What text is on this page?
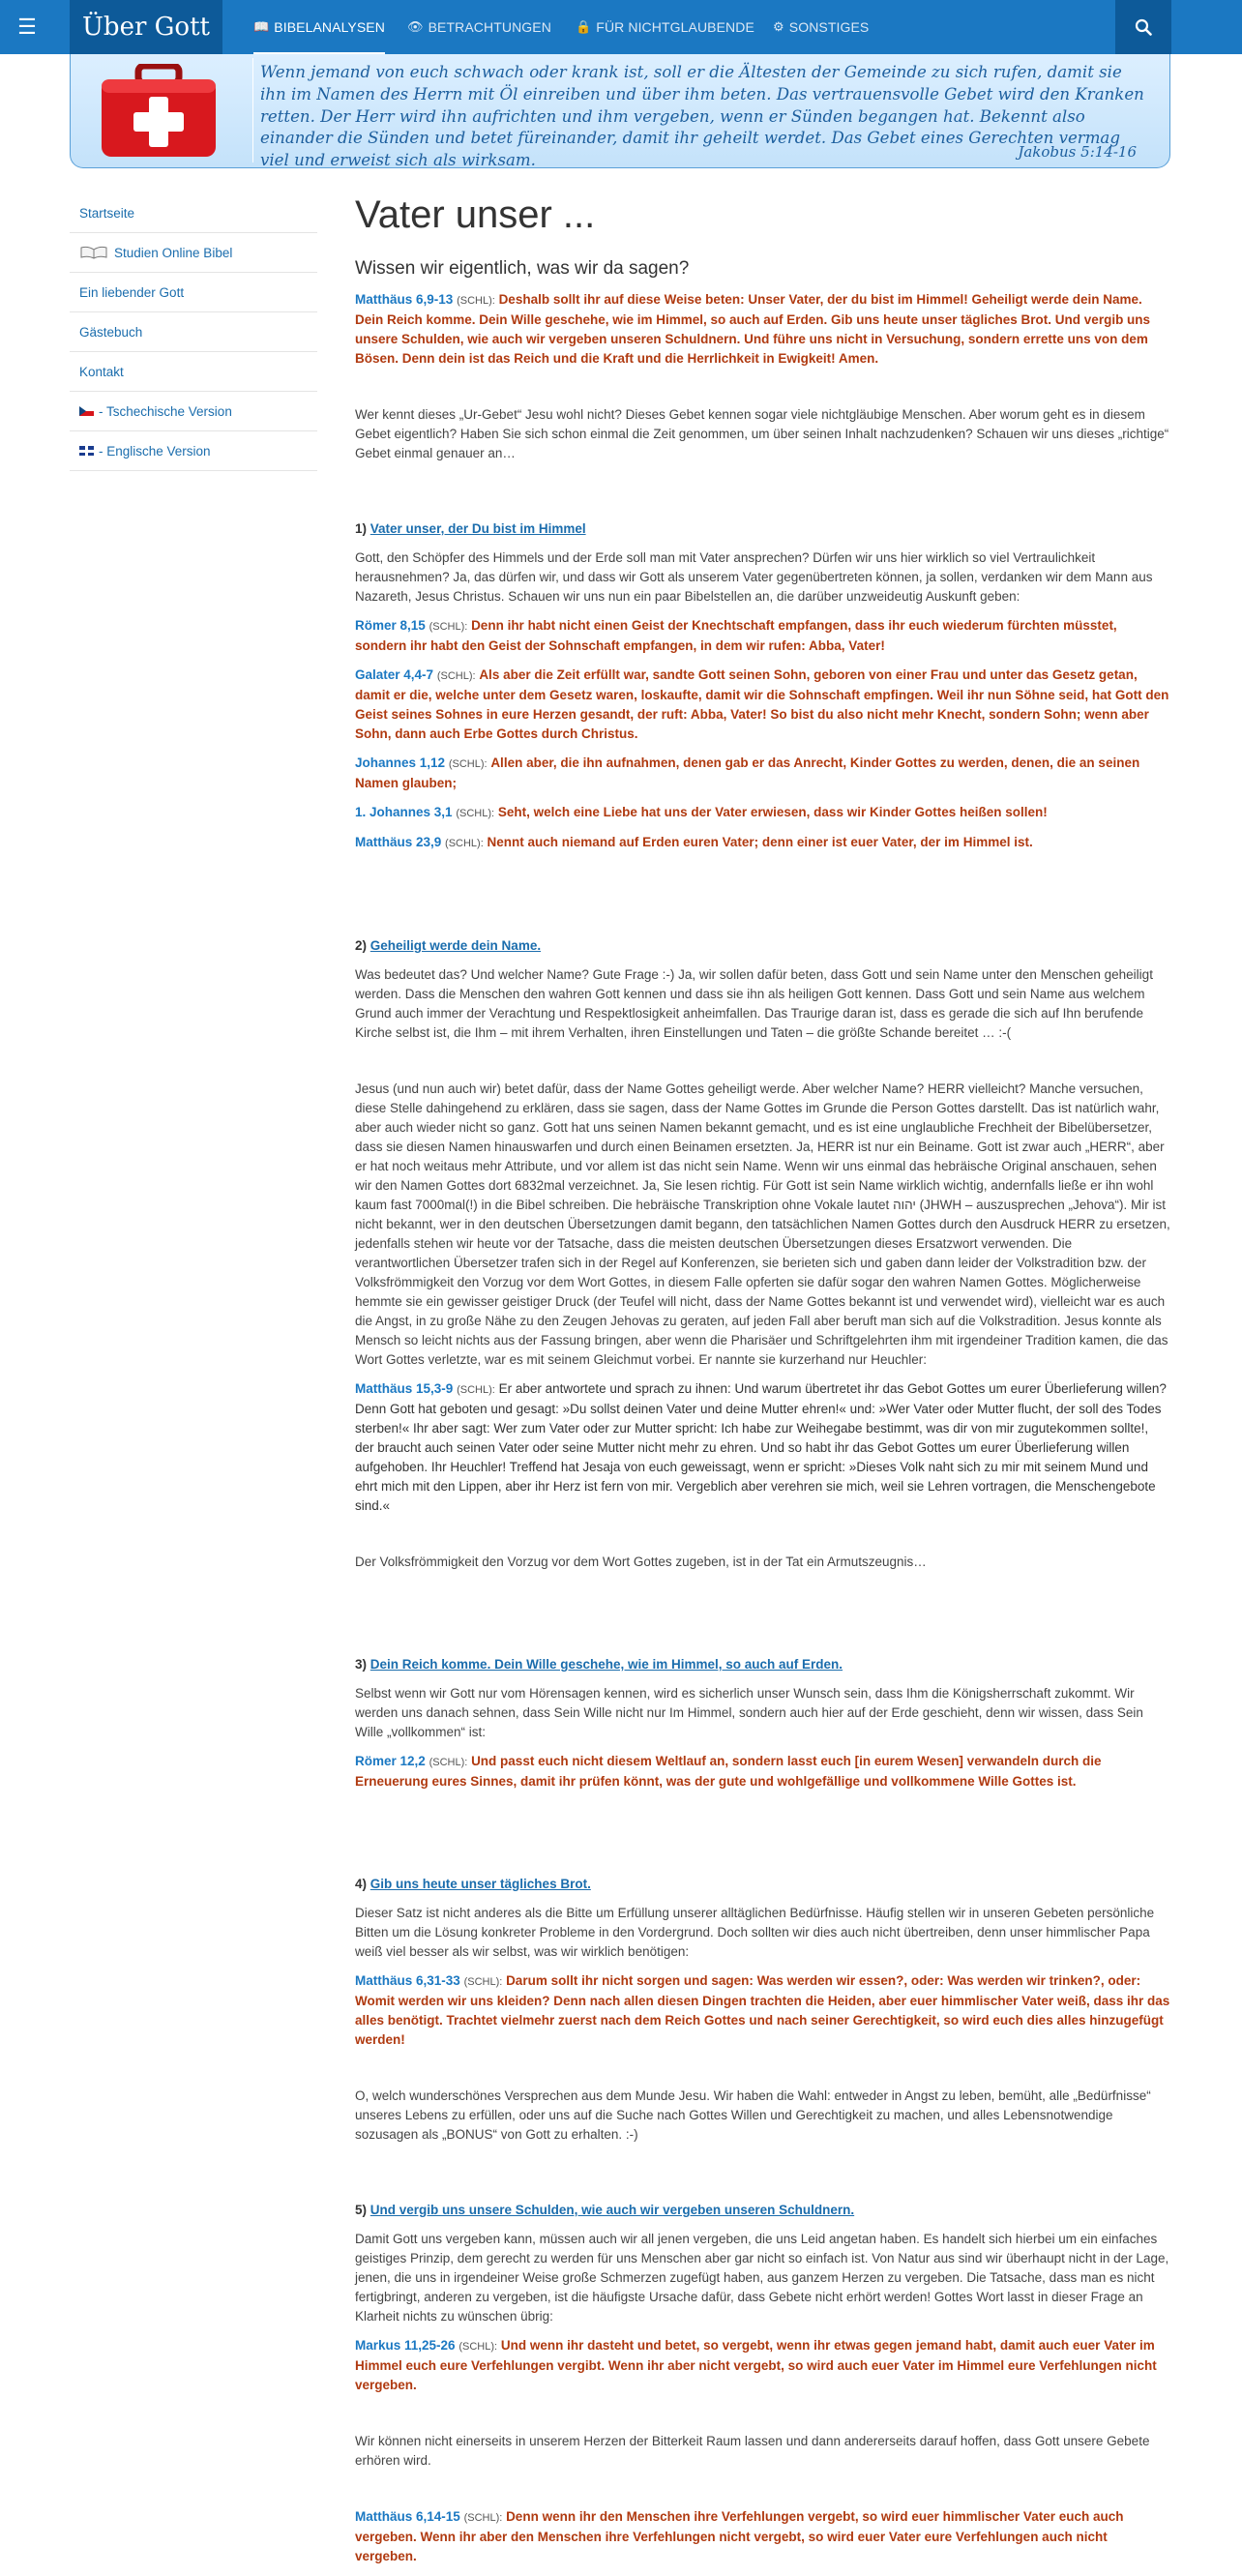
☰	Über Gott	📖 BIBELANALYSEN 👁 BETRACHTUNGEN 🔒 FÜR NICHTGLAUBENDE ⚙ SONSTIGES
Wenn jemand von euch schwach oder krank ist, soll er die Ältesten der Gemeinde zu sich rufen, damit sie ihn im Namen des Herrn mit Öl einreiben und über ihm beten. Das vertrauensvolle Gebet wird den Kranken retten. Der Herr wird ihn aufrichten und ihm vergeben, wenn er Sünden begangen hat. Bekennt also einander die Sünden und betet füreinander, damit ihr geheilt werdet. Das Gebet eines Gerechten vermag viel und erweist sich als wirksam.	Jakobus 5:14-16
Startseite
Studien Online Bibel
Ein liebender Gott
Gästebuch
Kontakt
- Tschechische Version
- Englische Version
Vater unser ...
Wissen wir eigentlich, was wir da sagen?
Matthäus 6,9-13 (SCHL): Deshalb sollt ihr auf diese Weise beten: Unser Vater, der du bist im Himmel! Geheiligt werde dein Name. Dein Reich komme. Dein Wille geschehe, wie im Himmel, so auch auf Erden. Gib uns heute unser tägliches Brot. Und vergib uns unsere Schulden, wie auch wir vergeben unseren Schuldnern. Und führe uns nicht in Versuchung, sondern errette uns von dem Bösen. Denn dein ist das Reich und die Kraft und die Herrlichkeit in Ewigkeit! Amen.

Wer kennt dieses „Ur-Gebet“ Jesu wohl nicht? Dieses Gebet kennen sogar viele nichtgläubige Menschen. Aber worum geht es in diesem Gebet eigentlich? Haben Sie sich schon einmal die Zeit genommen, um über seinen Inhalt nachzudenken? Schauen wir uns dieses „richtige“ Gebet einmal genauer an…

1) Vater unser, der Du bist im Himmel

Gott, den Schöpfer des Himmels und der Erde soll man mit Vater ansprechen? Dürfen wir uns hier wirklich so viel Vertraulichkeit herausnehmen? Ja, das dürfen wir, und dass wir Gott als unserem Vater gegenübertreten können, ja sollen, verdanken wir dem Mann aus Nazareth, Jesus Christus. Schauen wir uns nun ein paar Bibelstellen an, die darüber unzweideutig Auskunft geben:

Römer 8,15 (SCHL): Denn ihr habt nicht einen Geist der Knechtschaft empfangen, dass ihr euch wiederum fürchten müsstet, sondern ihr habt den Geist der Sohnschaft empfangen, in dem wir rufen: Abba, Vater!
Galater 4,4-7 (SCHL): Als aber die Zeit erfüllt war, sandte Gott seinen Sohn, geboren von einer Frau und unter das Gesetz getan, damit er die, welche unter dem Gesetz waren, loskaufte, damit wir die Sohnschaft empfingen. Weil ihr nun Söhne seid, hat Gott den Geist seines Sohnes in eure Herzen gesandt, der ruft: Abba, Vater! So bist du also nicht mehr Knecht, sondern Sohn; wenn aber Sohn, dann auch Erbe Gottes durch Christus.
Johannes 1,12 (SCHL): Allen aber, die ihn aufnahmen, denen gab er das Anrecht, Kinder Gottes zu werden, denen, die an seinen Namen glauben;
1. Johannes 3,1 (SCHL): Seht, welch eine Liebe hat uns der Vater erwiesen, dass wir Kinder Gottes heißen sollen!
Matthäus 23,9 (SCHL): Nennt auch niemand auf Erden euren Vater; denn einer ist euer Vater, der im Himmel ist.
2) Geheiligt werde dein Name.

Was bedeutet das? Und welcher Name? Gute Frage :-) Ja, wir sollen dafür beten, dass Gott und sein Name unter den Menschen geheiligt werden. Dass die Menschen den wahren Gott kennen und dass sie ihn als heiligen Gott kennen. Dass Gott und sein Name aus welchem Grund auch immer der Verachtung und Respektlosigkeit anheimfallen. Das Traurige daran ist, dass es gerade die sich auf Ihn berufende Kirche selbst ist, die Ihm – mit ihrem Verhalten, ihren Einstellungen und Taten – die größte Schande bereitet … :-(

Jesus (und nun auch wir) betet dafür, dass der Name Gottes geheiligt werde. Aber welcher Name? HERR vielleicht? Manche versuchen, diese Stelle dahingehend zu erklären, dass sie sagen, dass der Name Gottes im Grunde die Person Gottes darstellt. Das ist natürlich wahr, aber auch wieder nicht so ganz. Gott hat uns seinen Namen bekannt gemacht, und es ist eine unglaubliche Frechheit der Bibelübersetzer, dass sie diesen Namen hinauswarfen und durch einen Beinamen ersetzten. Ja, HERR ist nur ein Beiname. Gott ist zwar auch „HERR“, aber er hat noch weitaus mehr Attribute, und vor allem ist das nicht sein Name. Wenn wir uns einmal das hebräische Original anschauen, sehen wir den Namen Gottes dort 6832mal verzeichnet. Ja, Sie lesen richtig. Für Gott ist sein Name wirklich wichtig, andernfalls ließe er ihn wohl kaum fast 7000mal(!) in die Bibel schreiben. Die hebräische Transkription ohne Vokale lautet יהוה (JHWH – auszusprechen „Jehova“). Mir ist nicht bekannt, wer in den deutschen Übersetzungen damit begann, den tatsächlichen Namen Gottes durch den Ausdruck HERR zu ersetzen, jedenfalls stehen wir heute vor der Tatsache, dass die meisten deutschen Übersetzungen dieses Ersatzwort verwenden. Die verantwortlichen Übersetzer trafen sich in der Regel auf Konferenzen, sie berieten sich und gaben dann leider der Volkstradition bzw. der Volksfrömmigkeit den Vorzug vor dem Wort Gottes, in diesem Falle opferten sie dafür sogar den wahren Namen Gottes. Möglicherweise hemmte sie ein gewisser geistiger Druck (der Teufel will nicht, dass der Name Gottes bekannt ist und verwendet wird), vielleicht war es auch die Angst, in zu große Nähe zu den Zeugen Jehovas zu geraten, auf jeden Fall aber beruft man sich auf die Volkstradition. Jesus konnte als Mensch so leicht nichts aus der Fassung bringen, aber wenn die Pharisäer und Schriftgelehrten ihm mit irgendeiner Tradition kamen, die das Wort Gottes verletzte, war es mit seinem Gleichmut vorbei. Er nannte sie kurzerhand nur Heuchler:

Matthäus 15,3-9 (SCHL): Er aber antwortete und sprach zu ihnen: Und warum übertretet ihr das Gebot Gottes um eurer Überlieferung willen? Denn Gott hat geboten und gesagt: »Du sollst deinen Vater und deine Mutter ehren!« und: »Wer Vater oder Mutter flucht, der soll des Todes sterben!« Ihr aber sagt: Wer zum Vater oder zur Mutter spricht: Ich habe zur Weihegabe bestimmt, was dir von mir zugutekommen sollte!, der braucht auch seinen Vater oder seine Mutter nicht mehr zu ehren. Und so habt ihr das Gebot Gottes um eurer Überlieferung willen aufgehoben. Ihr Heuchler! Treffend hat Jesaja von euch geweissagt, wenn er spricht: »Dieses Volk naht sich zu mir mit seinem Mund und ehrt mich mit den Lippen, aber ihr Herz ist fern von mir. Vergeblich aber verehren sie mich, weil sie Lehren vortragen, die Menschengebote sind.«

Der Volksfrömmigkeit den Vorzug vor dem Wort Gottes zugeben, ist in der Tat ein Armutszeugnis…

3) Dein Reich komme. Dein Wille geschehe, wie im Himmel, so auch auf Erden.

Selbst wenn wir Gott nur vom Hörensagen kennen, wird es sicherlich unser Wunsch sein, dass Ihm die Königsherrschaft zukommt. Wir werden uns danach sehnen, dass Sein Wille nicht nur Im Himmel, sondern auch hier auf der Erde geschieht, denn wir wissen, dass Sein Wille „vollkommen“ ist:

Römer 12,2 (SCHL): Und passt euch nicht diesem Weltlauf an, sondern lasst euch [in eurem Wesen] verwandeln durch die Erneuerung eures Sinnes, damit ihr prüfen könnt, was der gute und wohlgefällige und vollkommene Wille Gottes ist.
4) Gib uns heute unser tägliches Brot.

Dieser Satz ist nicht anderes als die Bitte um Erfüllung unserer alltäglichen Bedürfnisse. Häufig stellen wir in unseren Gebeten persönliche Bitten um die Lösung konkreter Probleme in den Vordergrund. Doch sollten wir dies auch nicht übertreiben, denn unser himmlischer Papa weiß viel besser als wir selbst, was wir wirklich benötigen:

Matthäus 6,31-33 (SCHL): Darum sollt ihr nicht sorgen und sagen: Was werden wir essen?, oder: Was werden wir trinken?, oder: Womit werden wir uns kleiden? Denn nach allen diesen Dingen trachten die Heiden, aber euer himmlischer Vater weiß, dass ihr das alles benötigt. Trachtet vielmehr zuerst nach dem Reich Gottes und nach seiner Gerechtigkeit, so wird euch dies alles hinzugefügt werden!

O, welch wunderschönes Versprechen aus dem Munde Jesu. Wir haben die Wahl: entweder in Angst zu leben, bemüht, alle „Bedürfnisse“ unseres Lebens zu erfüllen, oder uns auf die Suche nach Gottes Willen und Gerechtigkeit zu machen, und alles Lebensnotwendige sozusagen als „BONUS“ von Gott zu erhalten. :-)

5) Und vergib uns unsere Schulden, wie auch wir vergeben unseren Schuldnern.

Damit Gott uns vergeben kann, müssen auch wir all jenen vergeben, die uns Leid angetan haben. Es handelt sich hierbei um ein einfaches geistiges Prinzip, dem gerecht zu werden für uns Menschen aber gar nicht so einfach ist. Von Natur aus sind wir überhaupt nicht in der Lage, jenen, die uns in irgendeiner Weise große Schmerzen zugefügt haben, aus ganzem Herzen zu vergeben. Die Tatsache, dass man es nicht fertigbringt, anderen zu vergeben, ist die häufigste Ursache dafür, dass Gebete nicht erhört werden! Gottes Wort lasst in dieser Frage an Klarheit nichts zu wünschen übrig:

Markus 11,25-26 (SCHL): Und wenn ihr dasteht und betet, so vergebt, wenn ihr etwas gegen jemand habt, damit auch euer Vater im Himmel euch eure Verfehlungen vergibt. Wenn ihr aber nicht vergebt, so wird auch euer Vater im Himmel eure Verfehlungen nicht vergeben.

Wir können nicht einerseits in unserem Herzen der Bitterkeit Raum lassen und dann andererseits darauf hoffen, dass Gott unsere Gebete erhören wird.

Matthäus 6,14-15 (SCHL): Denn wenn ihr den Menschen ihre Verfehlungen vergebt, so wird euer himmlischer Vater euch auch vergeben. Wenn ihr aber den Menschen ihre Verfehlungen nicht vergebt, so wird euer Vater eure Verfehlungen auch nicht vergeben.
